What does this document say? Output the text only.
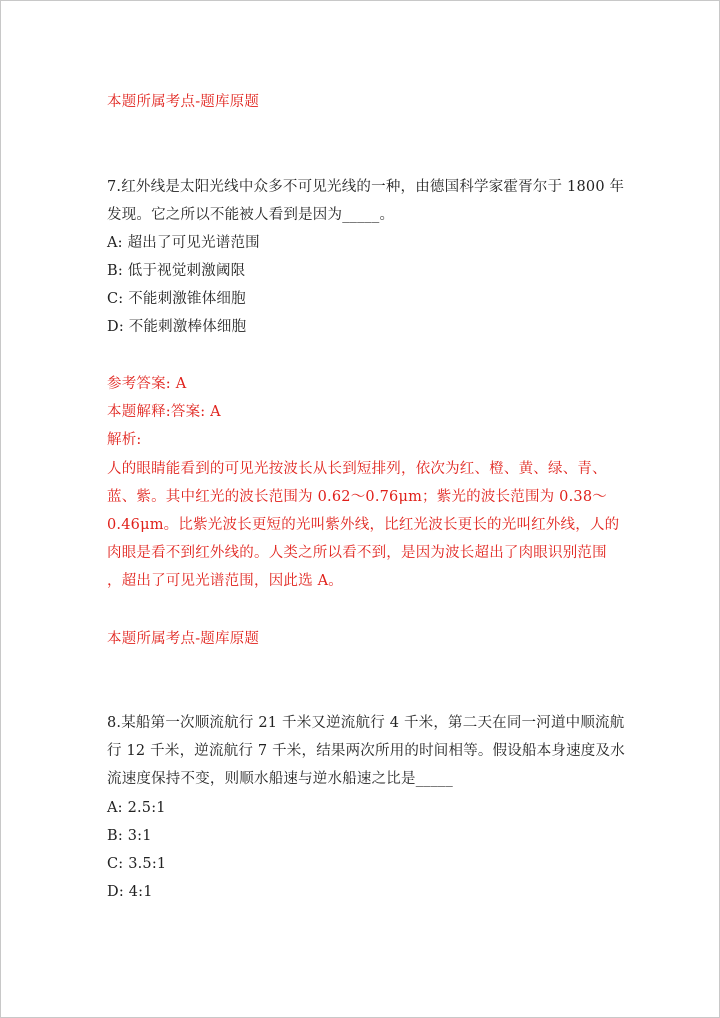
本题所属考点-题库原题
7.红外线是太阳光线中众多不可见光线的一种，由德国科学家霍胥尔于 1800 年
发现。它之所以不能被人看到是因为_____。
A: 超出了可见光谱范围
B: 低于视觉刺激阈限
C: 不能刺激锥体细胞
D: 不能刺激棒体细胞
参考答案: A
本题解释:答案: A
解析:
人的眼睛能看到的可见光按波长从长到短排列，依次为红、橙、黄、绿、青、
蓝、紫。其中红光的波长范围为 0.62～0.76μm；紫光的波长范围为 0.38～
0.46μm。比紫光波长更短的光叫紫外线，比红光波长更长的光叫红外线，人的
肉眼是看不到红外线的。人类之所以看不到，是因为波长超出了肉眼识别范围
，超出了可见光谱范围，因此选 A。
本题所属考点-题库原题
8.某船第一次顺流航行 21 千米又逆流航行 4 千米，第二天在同一河道中顺流航
行 12 千米，逆流航行 7 千米，结果两次所用的时间相等。假设船本身速度及水
流速度保持不变，则顺水船速与逆水船速之比是_____
A: 2.5:1
B: 3:1
C: 3.5:1
D: 4:1
